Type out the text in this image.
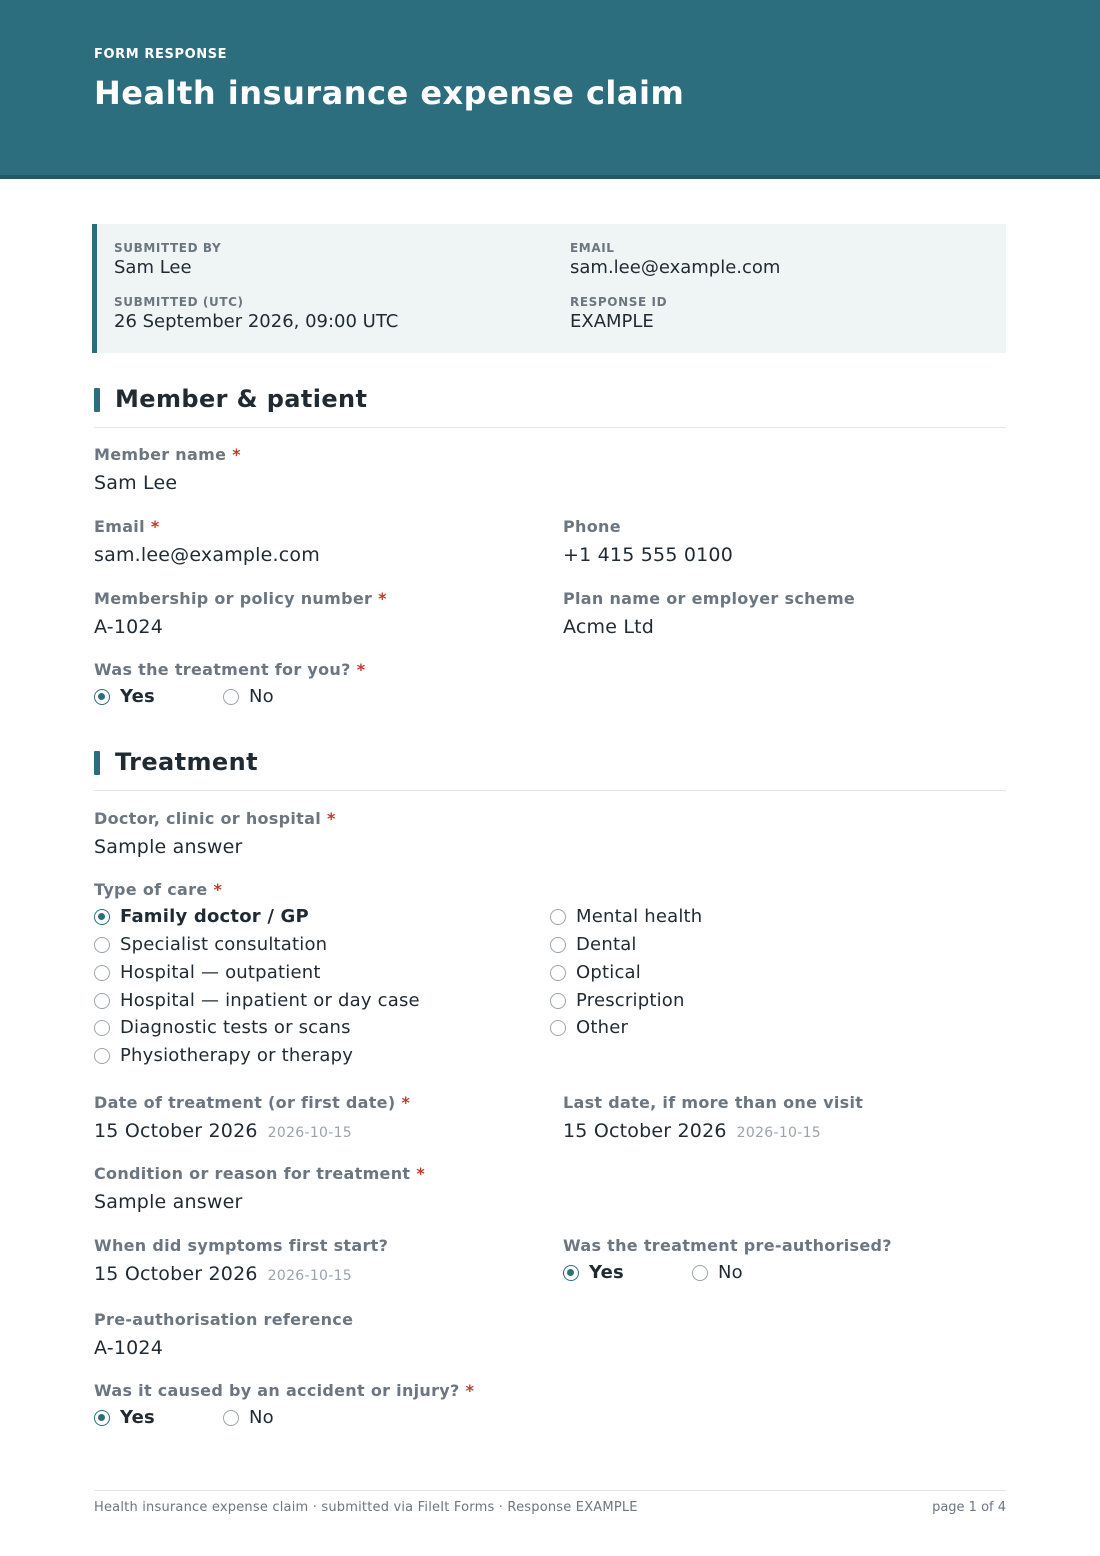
FORM RESPONSE
Health insurance expense claim
SUBMITTED BY
Sam Lee
EMAIL
sam.lee@example.com
SUBMITTED (UTC)
26 September 2026, 09:00 UTC
RESPONSE ID
EXAMPLE
Member & patient
Member name *
Sam Lee
Email *
sam.lee@example.com
Phone
+1 415 555 0100
Membership or policy number *
A-1024
Plan name or employer scheme
Acme Ltd
Was the treatment for you? *
Yes	No
Treatment
Doctor, clinic or hospital *
Sample answer
Type of care *
Family doctor / GP
Specialist consultation
Hospital — outpatient
Hospital — inpatient or day case
Diagnostic tests or scans
Physiotherapy or therapy
Mental health
Dental
Optical
Prescription
Other
Date of treatment (or first date) *
15 October 2026 2026-10-15
Last date, if more than one visit
15 October 2026 2026-10-15
Condition or reason for treatment *
Sample answer
When did symptoms first start?
15 October 2026 2026-10-15
Was the treatment pre-authorised?
Yes	No
Pre-authorisation reference
A-1024
Was it caused by an accident or injury? *
Yes	No
Health insurance expense claim · submitted via FileIt Forms · Response EXAMPLE	page 1 of 4
